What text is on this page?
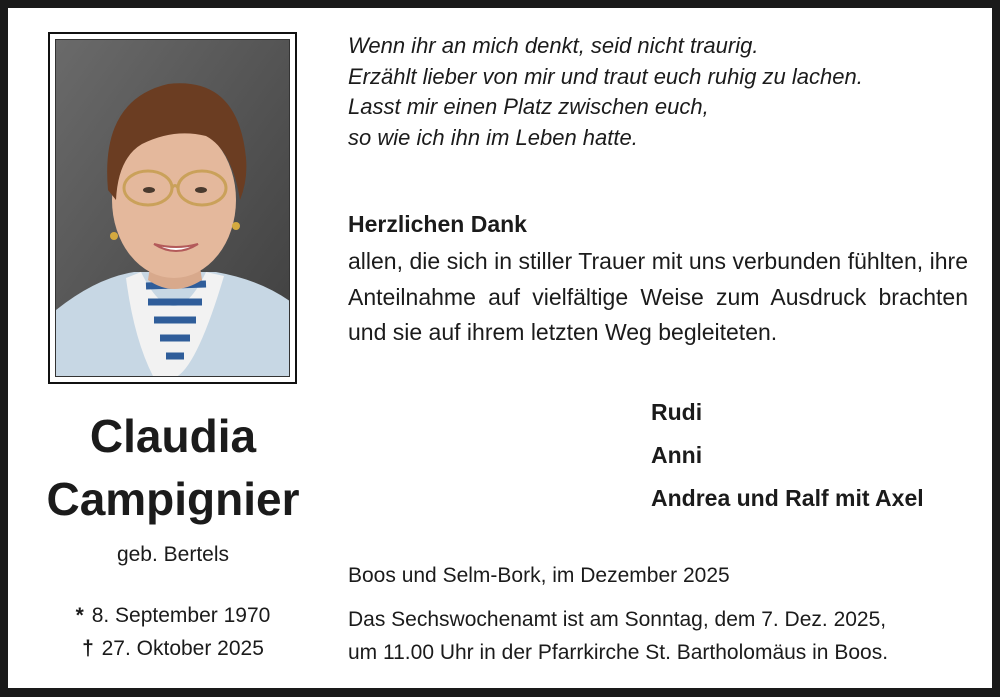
Claudia
Campignier
geb. Bertels
* 8. September 1970
† 27. Oktober 2025
Wenn ihr an mich denkt, seid nicht traurig.
Erzählt lieber von mir und traut euch ruhig zu lachen.
Lasst mir einen Platz zwischen euch,
so wie ich ihn im Leben hatte.
Herzlichen Dank
allen, die sich in stiller Trauer mit uns verbunden fühlten, ihre Anteilnahme auf vielfältige Weise zum Ausdruck brachten und sie auf ihrem letzten Weg begleiteten.
Rudi
Anni
Andrea und Ralf mit Axel
Boos und Selm-Bork, im Dezember 2025
Das Sechswochenamt ist am Sonntag, dem 7. Dez. 2025,
um 11.00 Uhr in der Pfarrkirche St. Bartholomäus in Boos.
